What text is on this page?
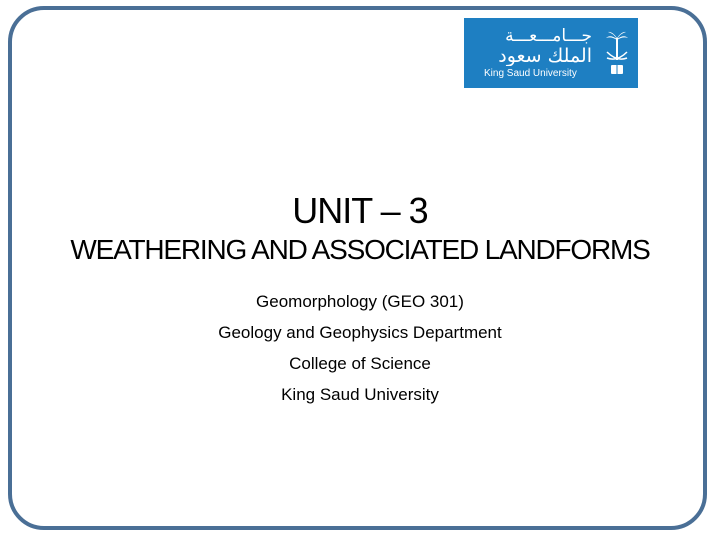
جـــامـــعـــة
الملك سعود
King Saud University
UNIT – 3
WEATHERING AND ASSOCIATED LANDFORMS
Geomorphology (GEO 301)
Geology and Geophysics Department
College of Science
King Saud University
